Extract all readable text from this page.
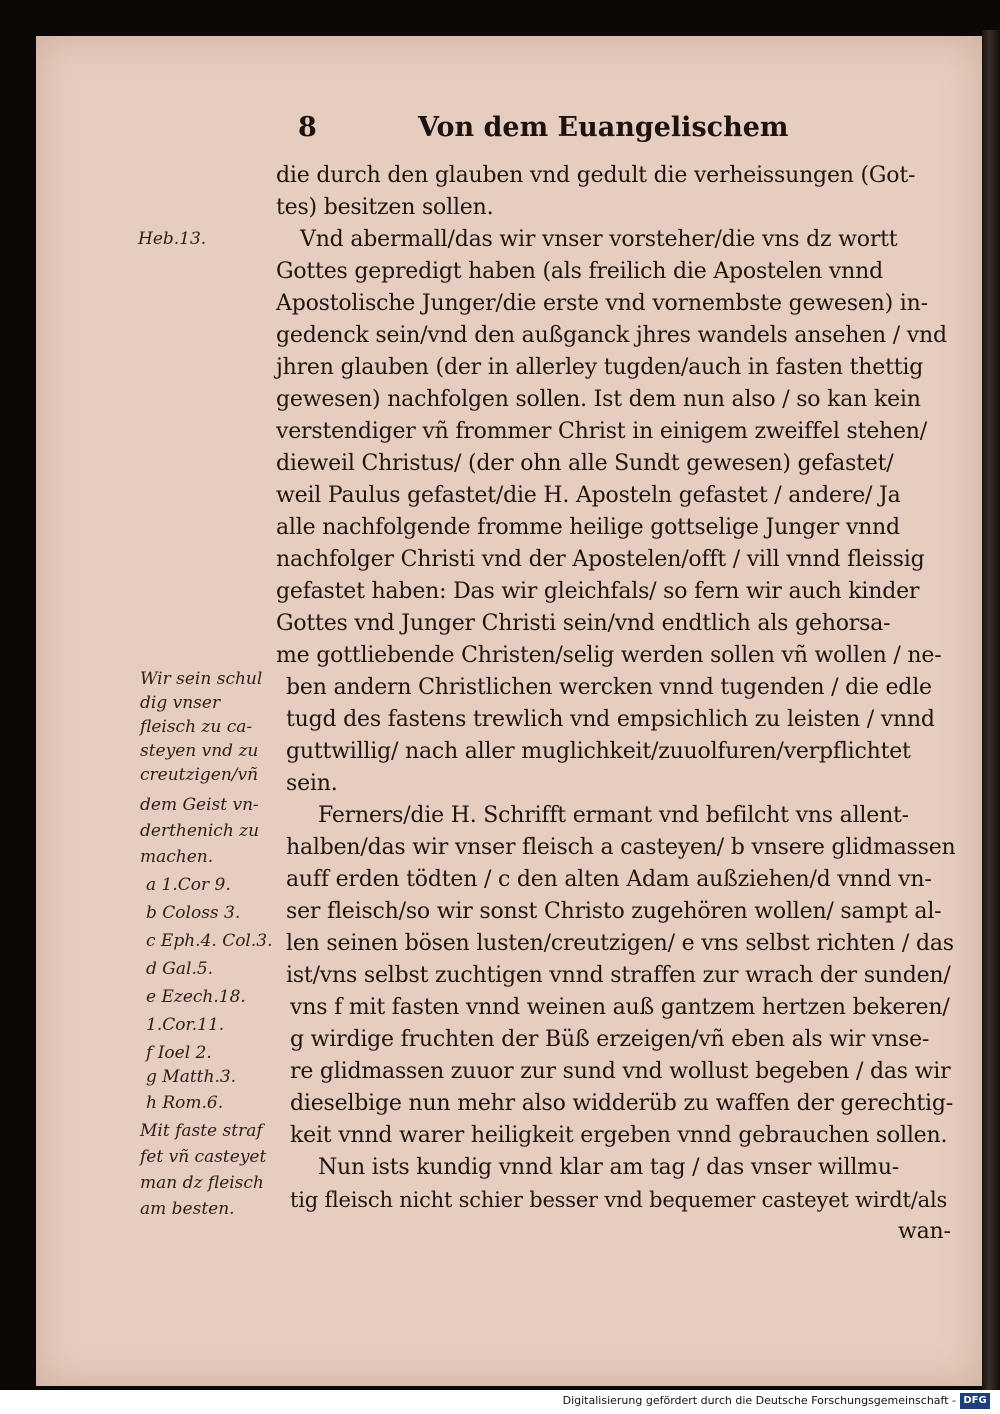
8	Von dem Euangelischem
die durch den glauben vnd gedult die verheissungen (Got-
tes) besitzen sollen.
Vnd abermall/das wir vnser vorsteher/die vns dz wortt
Gottes gepredigt haben (als freilich die Apostelen vnnd
Apostolische Junger/die erste vnd vornembste gewesen) in-
gedenck sein/vnd den außganck jhres wandels ansehen / vnd
jhren glauben (der in allerley tugden/auch in fasten thettig
gewesen) nachfolgen sollen. Ist dem nun also / so kan kein
verstendiger vñ frommer Christ in einigem zweiffel stehen/
dieweil Christus/ (der ohn alle Sundt gewesen) gefastet/
weil Paulus gefastet/die H. Aposteln gefastet / andere/ Ja
alle nachfolgende fromme heilige gottselige Junger vnnd
nachfolger Christi vnd der Apostelen/offt / vill vnnd fleissig
gefastet haben: Das wir gleichfals/ so fern wir auch kinder
Gottes vnd Junger Christi sein/vnd endtlich als gehorsa-
me gottliebende Christen/selig werden sollen vñ wollen / ne-
ben andern Christlichen wercken vnnd tugenden / die edle
tugd des fastens trewlich vnd empsichlich zu leisten / vnnd
guttwillig/ nach aller muglichkeit/zuuolfuren/verpflichtet
sein.
Ferners/die H. Schrifft ermant vnd befilcht vns allent-
halben/das wir vnser fleisch a casteyen/ b vnsere glidmassen
auff erden tödten / c den alten Adam außziehen/d vnnd vn-
ser fleisch/so wir sonst Christo zugehören wollen/ sampt al-
len seinen bösen lusten/creutzigen/ e vns selbst richten / das
ist/vns selbst zuchtigen vnnd straffen zur wrach der sunden/
vns f mit fasten vnnd weinen auß gantzem hertzen bekeren/
g wirdige fruchten der Büß erzeigen/vñ eben als wir vnse-
re glidmassen zuuor zur sund vnd wollust begeben / das wir
dieselbige nun mehr also widderüb zu waffen der gerechtig-
keit vnnd warer heiligkeit ergeben vnnd gebrauchen sollen.
Nun ists kundig vnnd klar am tag / das vnser willmu-
tig fleisch nicht schier besser vnd bequemer casteyet wirdt/als
wan-
Heb.13.
Wir sein schul
dig vnser
fleisch zu ca-
steyen vnd zu
creutzigen/vñ
dem Geist vn-
derthenich zu
machen.
a 1.Cor 9.
b Coloss 3.
c Eph.4. Col.3.
d Gal.5.
e Ezech.18.
1.Cor.11.
f Ioel 2.
g Matth.3.
h Rom.6.
Mit faste straf
fet vñ casteyet
man dz fleisch
am besten.
Digitalisierung gefördert durch die Deutsche Forschungsgemeinschaft - DFG
